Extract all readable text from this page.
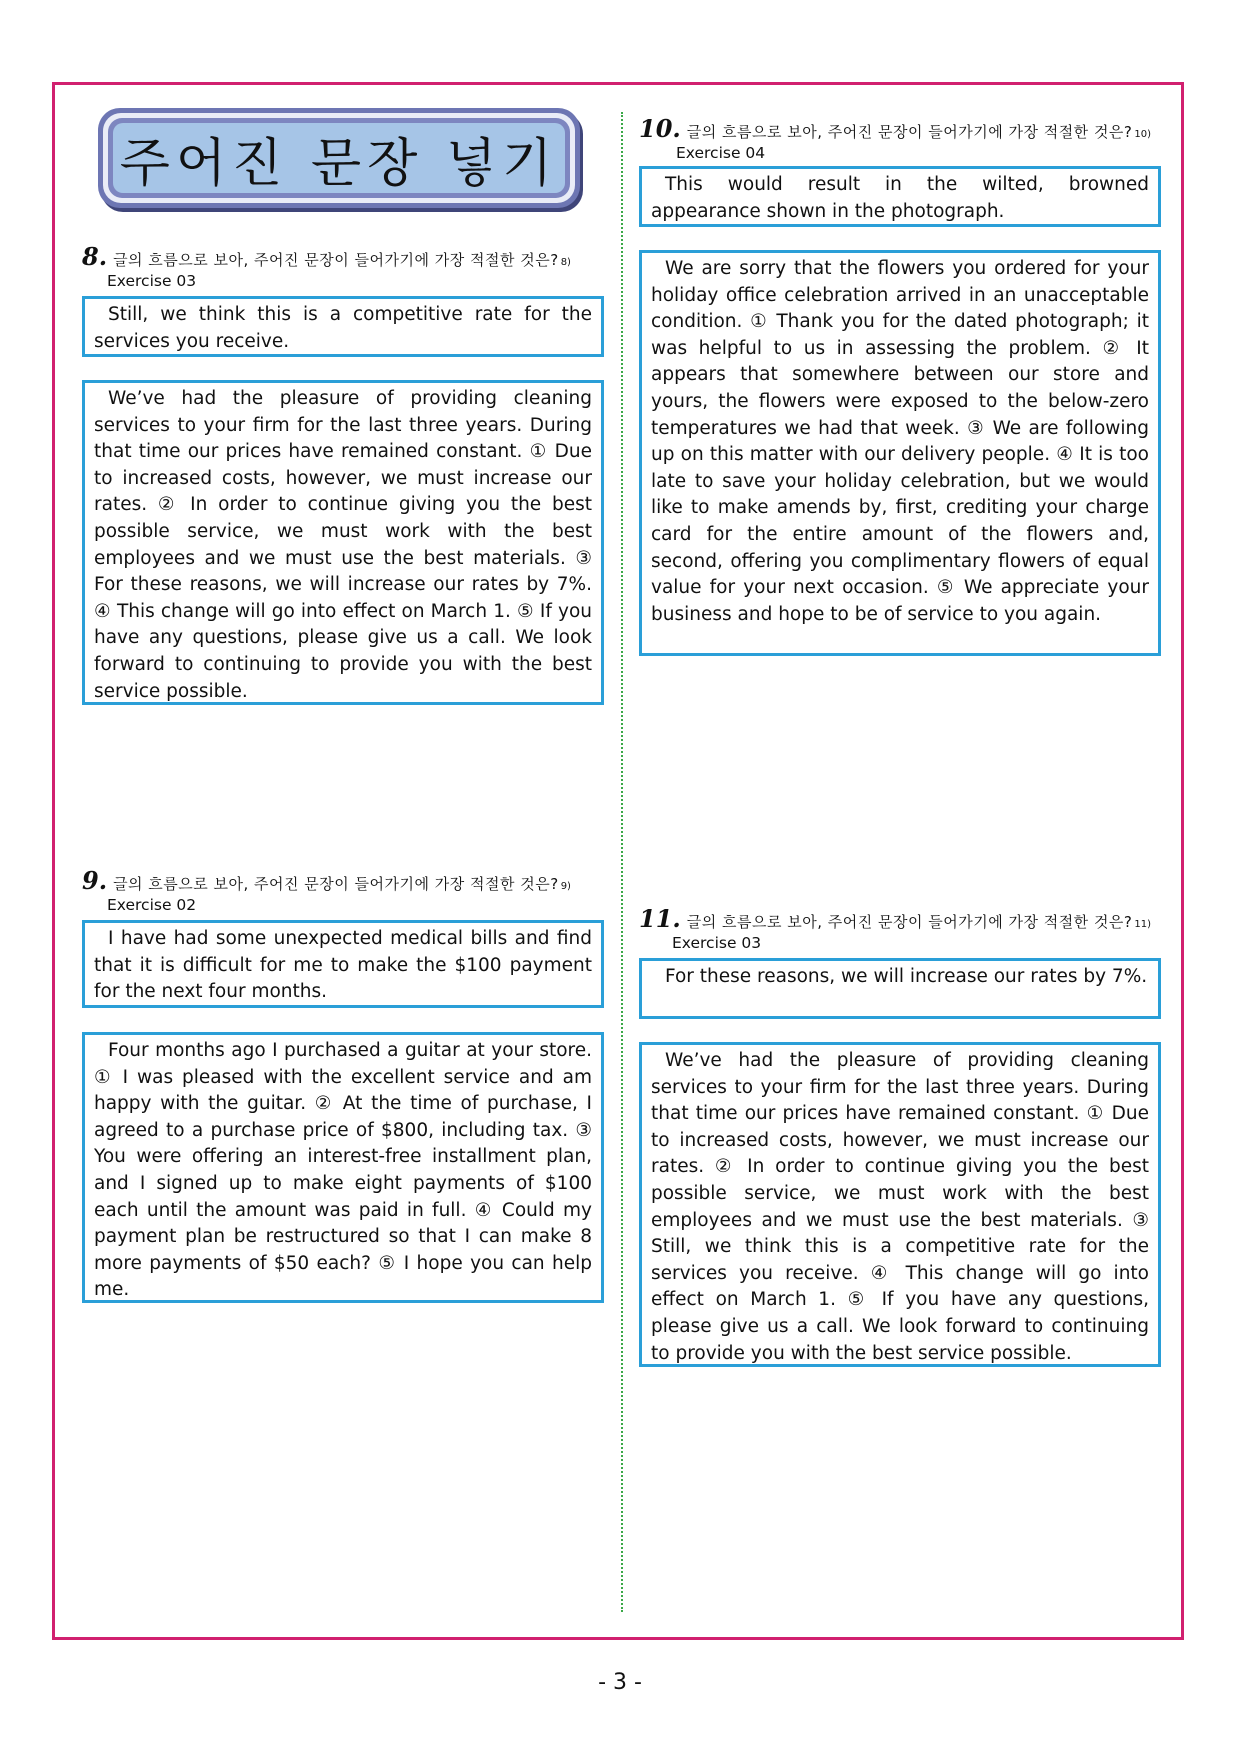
주어진 문장 넣기
8. 글의 흐름으로 보아, 주어진 문장이 들어가기에 가장 적절한 것은? 8)
Exercise 03

Still, we think this is a competitive rate for the services you receive.

We’ve had the pleasure of providing cleaning services to your firm for the last three years. During that time our prices have remained constant. ① Due to increased costs, however, we must increase our rates. ② In order to continue giving you the best possible service, we must work with the best employees and we must use the best materials. ③ For these reasons, we will increase our rates by 7%. ④ This change will go into effect on March 1. ⑤ If you have any questions, please give us a call. We look forward to continuing to provide you with the best service possible.

9. 글의 흐름으로 보아, 주어진 문장이 들어가기에 가장 적절한 것은? 9)
Exercise 02

I have had some unexpected medical bills and find that it is difficult for me to make the $100 payment for the next four months.

Four months ago I purchased a guitar at your store. ① I was pleased with the excellent service and am happy with the guitar. ② At the time of purchase, I agreed to a purchase price of $800, including tax. ③ You were offering an interest-free installment plan, and I signed up to make eight payments of $100 each until the amount was paid in full. ④ Could my payment plan be restructured so that I can make 8 more payments of $50 each? ⑤ I hope you can help me.

10. 글의 흐름으로 보아, 주어진 문장이 들어가기에 가장 적절한 것은? 10)
Exercise 04

This would result in the wilted, browned appearance shown in the photograph.

We are sorry that the flowers you ordered for your holiday office celebration arrived in an unacceptable condition. ① Thank you for the dated photograph; it was helpful to us in assessing the problem. ② It appears that somewhere between our store and yours, the flowers were exposed to the below-zero temperatures we had that week. ③ We are following up on this matter with our delivery people. ④ It is too late to save your holiday celebration, but we would like to make amends by, first, crediting your charge card for the entire amount of the flowers and, second, offering you complimentary flowers of equal value for your next occasion. ⑤ We appreciate your business and hope to be of service to you again.

11. 글의 흐름으로 보아, 주어진 문장이 들어가기에 가장 적절한 것은? 11)
Exercise 03

For these reasons, we will increase our rates by 7%.

We’ve had the pleasure of providing cleaning services to your firm for the last three years. During that time our prices have remained constant. ① Due to increased costs, however, we must increase our rates. ② In order to continue giving you the best possible service, we must work with the best employees and we must use the best materials. ③ Still, we think this is a competitive rate for the services you receive. ④ This change will go into effect on March 1. ⑤ If you have any questions, please give us a call. We look forward to continuing to provide you with the best service possible.

- 3 -
